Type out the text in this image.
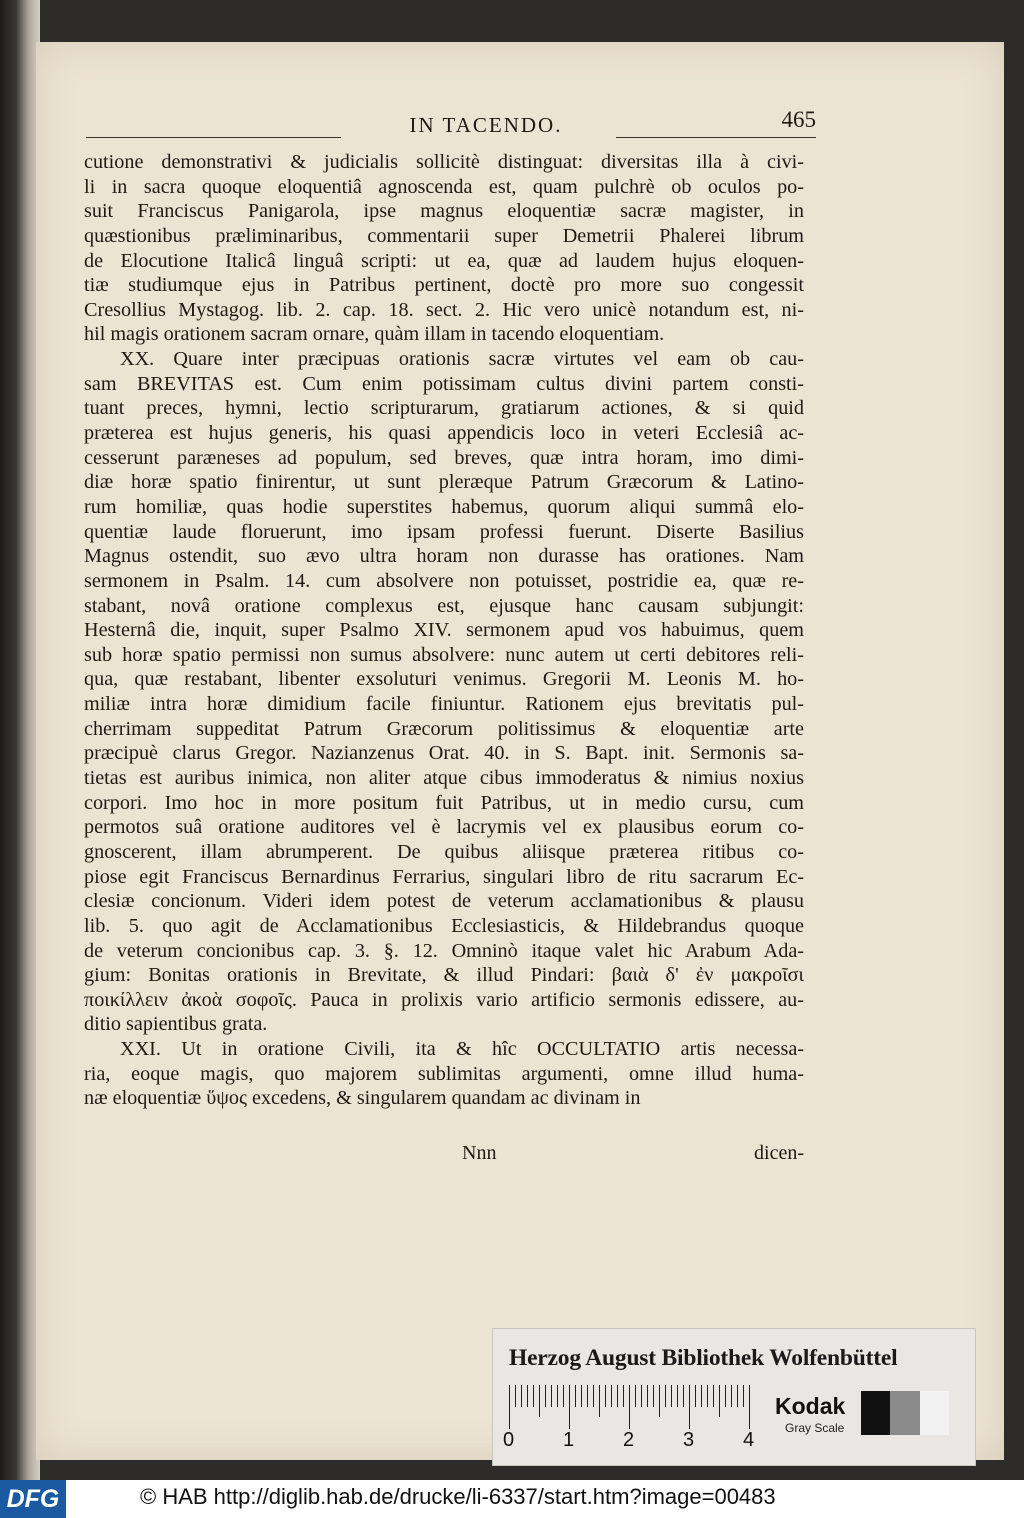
IN TACENDO.	465
cutione demonstrativi & judicialis sollicitè distinguat: diversitas illa à civi-
li in sacra quoque eloquentiâ agnoscenda est, quam pulchrè ob oculos po-
suit Franciscus Panigarola, ipse magnus eloquentiæ sacræ magister, in
quæstionibus præliminaribus, commentarii super Demetrii Phalerei librum
de Elocutione Italicâ linguâ scripti: ut ea, quæ ad laudem hujus eloquen-
tiæ studiumque ejus in Patribus pertinent, doctè pro more suo congessit
Cresollius Mystagog. lib. 2. cap. 18. sect. 2. Hic vero unicè notandum est, ni-
hil magis orationem sacram ornare, quàm illam in tacendo eloquentiam.
XX. Quare inter præcipuas orationis sacræ virtutes vel eam ob cau-
sam BREVITAS est. Cum enim potissimam cultus divini partem consti-
tuant preces, hymni, lectio scripturarum, gratiarum actiones, & si quid
præterea est hujus generis, his quasi appendicis loco in veteri Ecclesiâ ac-
cesserunt paræneses ad populum, sed breves, quæ intra horam, imo dimi-
diæ horæ spatio finirentur, ut sunt pleræque Patrum Græcorum & Latino-
rum homiliæ, quas hodie superstites habemus, quorum aliqui summâ elo-
quentiæ laude floruerunt, imo ipsam professi fuerunt. Diserte Basilius
Magnus ostendit, suo ævo ultra horam non durasse has orationes. Nam
sermonem in Psalm. 14. cum absolvere non potuisset, postridie ea, quæ re-
stabant, novâ oratione complexus est, ejusque hanc causam subjungit:
Hesternâ die, inquit, super Psalmo XIV. sermonem apud vos habuimus, quem
sub horæ spatio permissi non sumus absolvere: nunc autem ut certi debitores reli-
qua, quæ restabant, libenter exsoluturi venimus. Gregorii M. Leonis M. ho-
miliæ intra horæ dimidium facile finiuntur. Rationem ejus brevitatis pul-
cherrimam suppeditat Patrum Græcorum politissimus & eloquentiæ arte
præcipuè clarus Gregor. Nazianzenus Orat. 40. in S. Bapt. init. Sermonis sa-
tietas est auribus inimica, non aliter atque cibus immoderatus & nimius noxius
corpori. Imo hoc in more positum fuit Patribus, ut in medio cursu, cum
permotos suâ oratione auditores vel è lacrymis vel ex plausibus eorum co-
gnoscerent, illam abrumperent. De quibus aliisque præterea ritibus co-
piose egit Franciscus Bernardinus Ferrarius, singulari libro de ritu sacrarum Ec-
clesiæ concionum. Videri idem potest de veterum acclamationibus & plausu
lib. 5. quo agit de Acclamationibus Ecclesiasticis, & Hildebrandus quoque
de veterum concionibus cap. 3. §. 12. Omninò itaque valet hic Arabum Ada-
gium: Bonitas orationis in Brevitate, & illud Pindari: βαιὰ δ' ἐν μακροῖσι
ποικίλλειν ἀκοὰ σοφοῖς. Pauca in prolixis vario artificio sermonis edissere, au-
ditio sapientibus grata.
XXI. Ut in oratione Civili, ita & hîc OCCULTATIO artis necessa-
ria, eoque magis, quo majorem sublimitas argumenti, omne illud huma-
næ eloquentiæ ὕψος excedens, & singularem quandam ac divinam in
Nnn	dicen-
Herzog August Bibliothek Wolfenbüttel
0 1 2 3 4
Kodak
Gray Scale
DFG	© HAB http://diglib.hab.de/drucke/li-6337/start.htm?image=00483
